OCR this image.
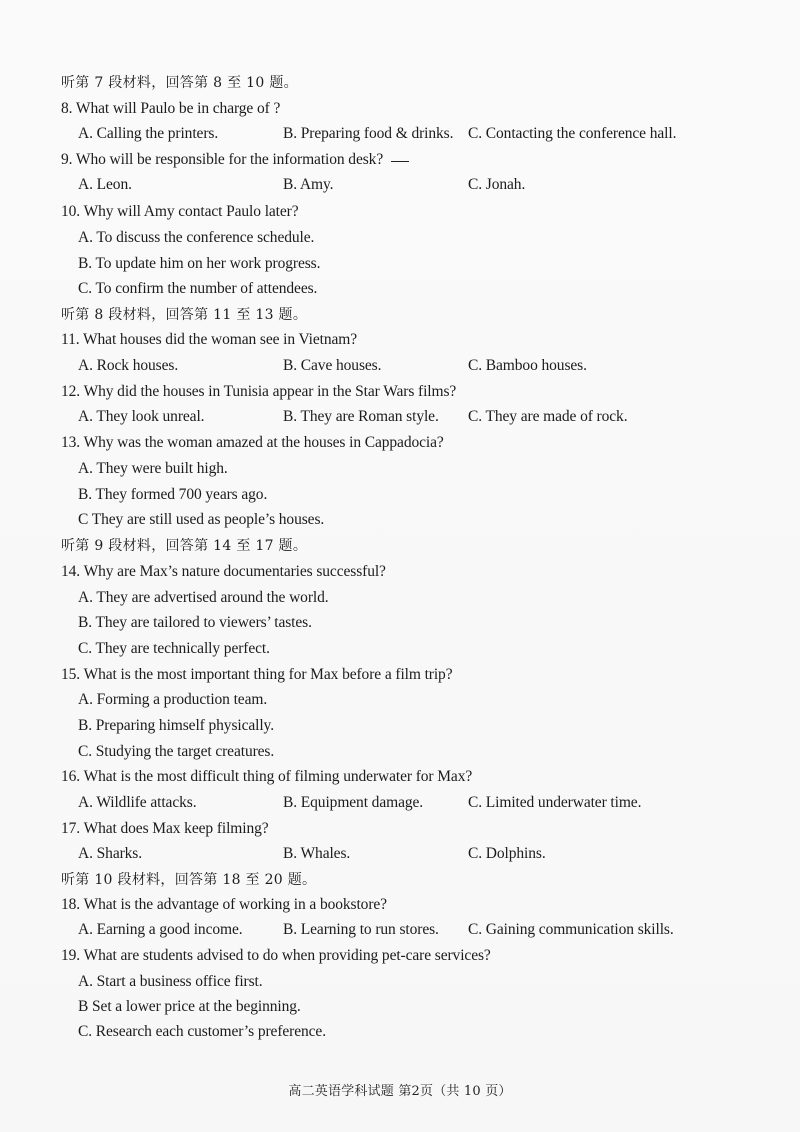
听第 7 段材料，回答第 8 至 10 题。
8. What will Paulo be in charge of ?
A. Calling the printers.	B. Preparing food & drinks. C. Contacting the conference hall.
9. Who will be responsible for the information desk?
A. Leon.	B. Amy.	C. Jonah.
10. Why will Amy contact Paulo later?
A. To discuss the conference schedule.
B. To update him on her work progress.
C. To confirm the number of attendees.
听第 8 段材料，回答第 11 至 13 题。
11. What houses did the woman see in Vietnam?
A. Rock houses.	B. Cave houses.	C. Bamboo houses.
12. Why did the houses in Tunisia appear in the Star Wars films?
A. They look unreal.	B. They are Roman style. C. They are made of rock.
13. Why was the woman amazed at the houses in Cappadocia?
A. They were built high.
B. They formed 700 years ago.
C They are still used as people’s houses.
听第 9 段材料，回答第 14 至 17 题。
14. Why are Max’s nature documentaries successful?
A. They are advertised around the world.
B. They are tailored to viewers’ tastes.
C. They are technically perfect.
15. What is the most important thing for Max before a film trip?
A. Forming a production team.
B. Preparing himself physically.
C. Studying the target creatures.
16. What is the most difficult thing of filming underwater for Max?
A. Wildlife attacks.	B. Equipment damage.	C. Limited underwater time.
17. What does Max keep filming?
A. Sharks.	B. Whales.	C. Dolphins.
听第 10 段材料，回答第 18 至 20 题。
18. What is the advantage of working in a bookstore?
A. Earning a good income.	B. Learning to run stores. C. Gaining communication skills.
19. What are students advised to do when providing pet-care services?
A. Start a business office first.
B Set a lower price at the beginning.
C. Research each customer’s preference.
高二英语学科试题 第2页（共 10 页）
